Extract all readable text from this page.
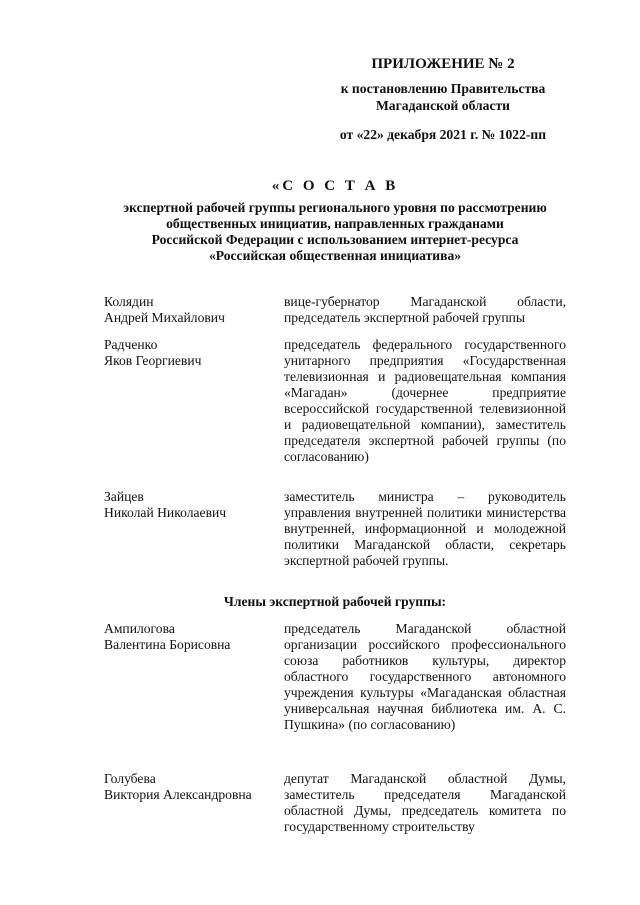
ПРИЛОЖЕНИЕ № 2
к постановлению Правительства
Магаданской области
от «22» декабря 2021 г. № 1022-пп
«С О С Т А В
экспертной рабочей группы регионального уровня по рассмотрению
общественных инициатив, направленных гражданами
Российской Федерации с использованием интернет-ресурса
«Российская общественная инициатива»
Колядин
Андрей Михайлович
вице-губернатор Магаданской области, председатель экспертной рабочей группы
Радченко
Яков Георгиевич
председатель федерального государственного унитарного предприятия «Государственная телевизионная и радиовещательная компания «Магадан» (дочернее предприятие всероссийской государственной телевизионной и радиовещательной компании), заместитель председателя экспертной рабочей группы (по согласованию)
Зайцев
Николай Николаевич
заместитель министра – руководитель управления внутренней политики министерства внутренней, информационной и молодежной политики Магаданской области, секретарь экспертной рабочей группы.
Члены экспертной рабочей группы:
Ампилогова
Валентина Борисовна
председатель Магаданской областной организации российского профессионального союза работников культуры, директор областного государственного автономного учреждения культуры «Магаданская областная универсальная научная библиотека им. А. С. Пушкина» (по согласованию)
Голубева
Виктория Александровна
депутат Магаданской областной Думы, заместитель председателя Магаданской областной Думы, председатель комитета по государственному строительству
